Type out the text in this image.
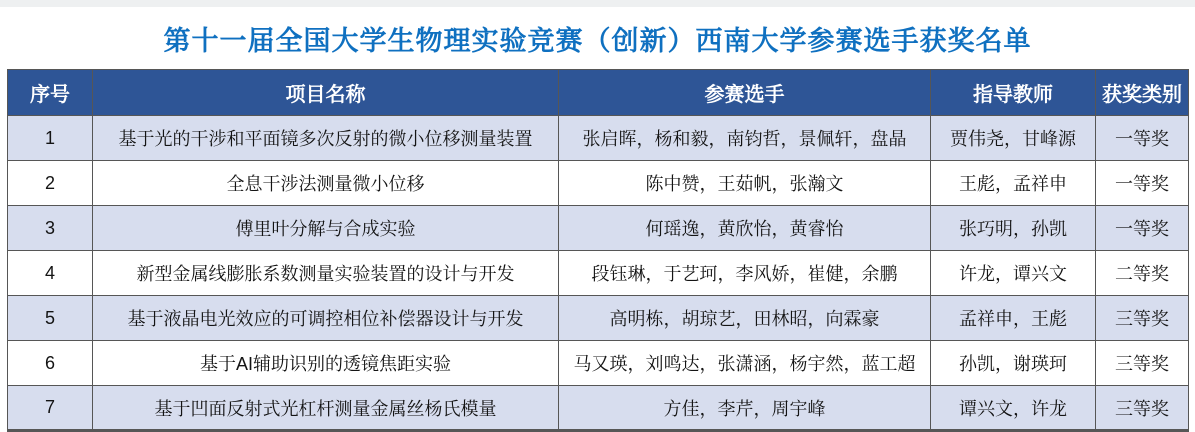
第十一届全国大学生物理实验竞赛（创新）西南大学参赛选手获奖名单
序号	项目名称	参赛选手	指导教师	获奖类别
1	基于光的干涉和平面镜多次反射的微小位移测量装置	张启晖，杨和毅，南钧哲，景佩轩，盘晶	贾伟尧，甘峰源	一等奖
2	全息干涉法测量微小位移	陈中赞，王茹帆，张瀚文	王彪，孟祥申	一等奖
3	傅里叶分解与合成实验	何瑶逸，黄欣怡，黄睿怡	张巧明，孙凯	一等奖
4	新型金属线膨胀系数测量实验装置的设计与开发	段钰琳，于艺珂，李风娇，崔健，余鹏	许龙，谭兴文	二等奖
5	基于液晶电光效应的可调控相位补偿器设计与开发	高明栋，胡琼艺，田林昭，向霖豪	孟祥申，王彪	三等奖
6	基于AI辅助识别的透镜焦距实验	马又瑛，刘鸣达，张潇涵，杨宇然，蓝工超	孙凯，谢瑛珂	三等奖
7	基于凹面反射式光杠杆测量金属丝杨氏模量	方佳，李芹，周宇峰	谭兴文，许龙	三等奖
